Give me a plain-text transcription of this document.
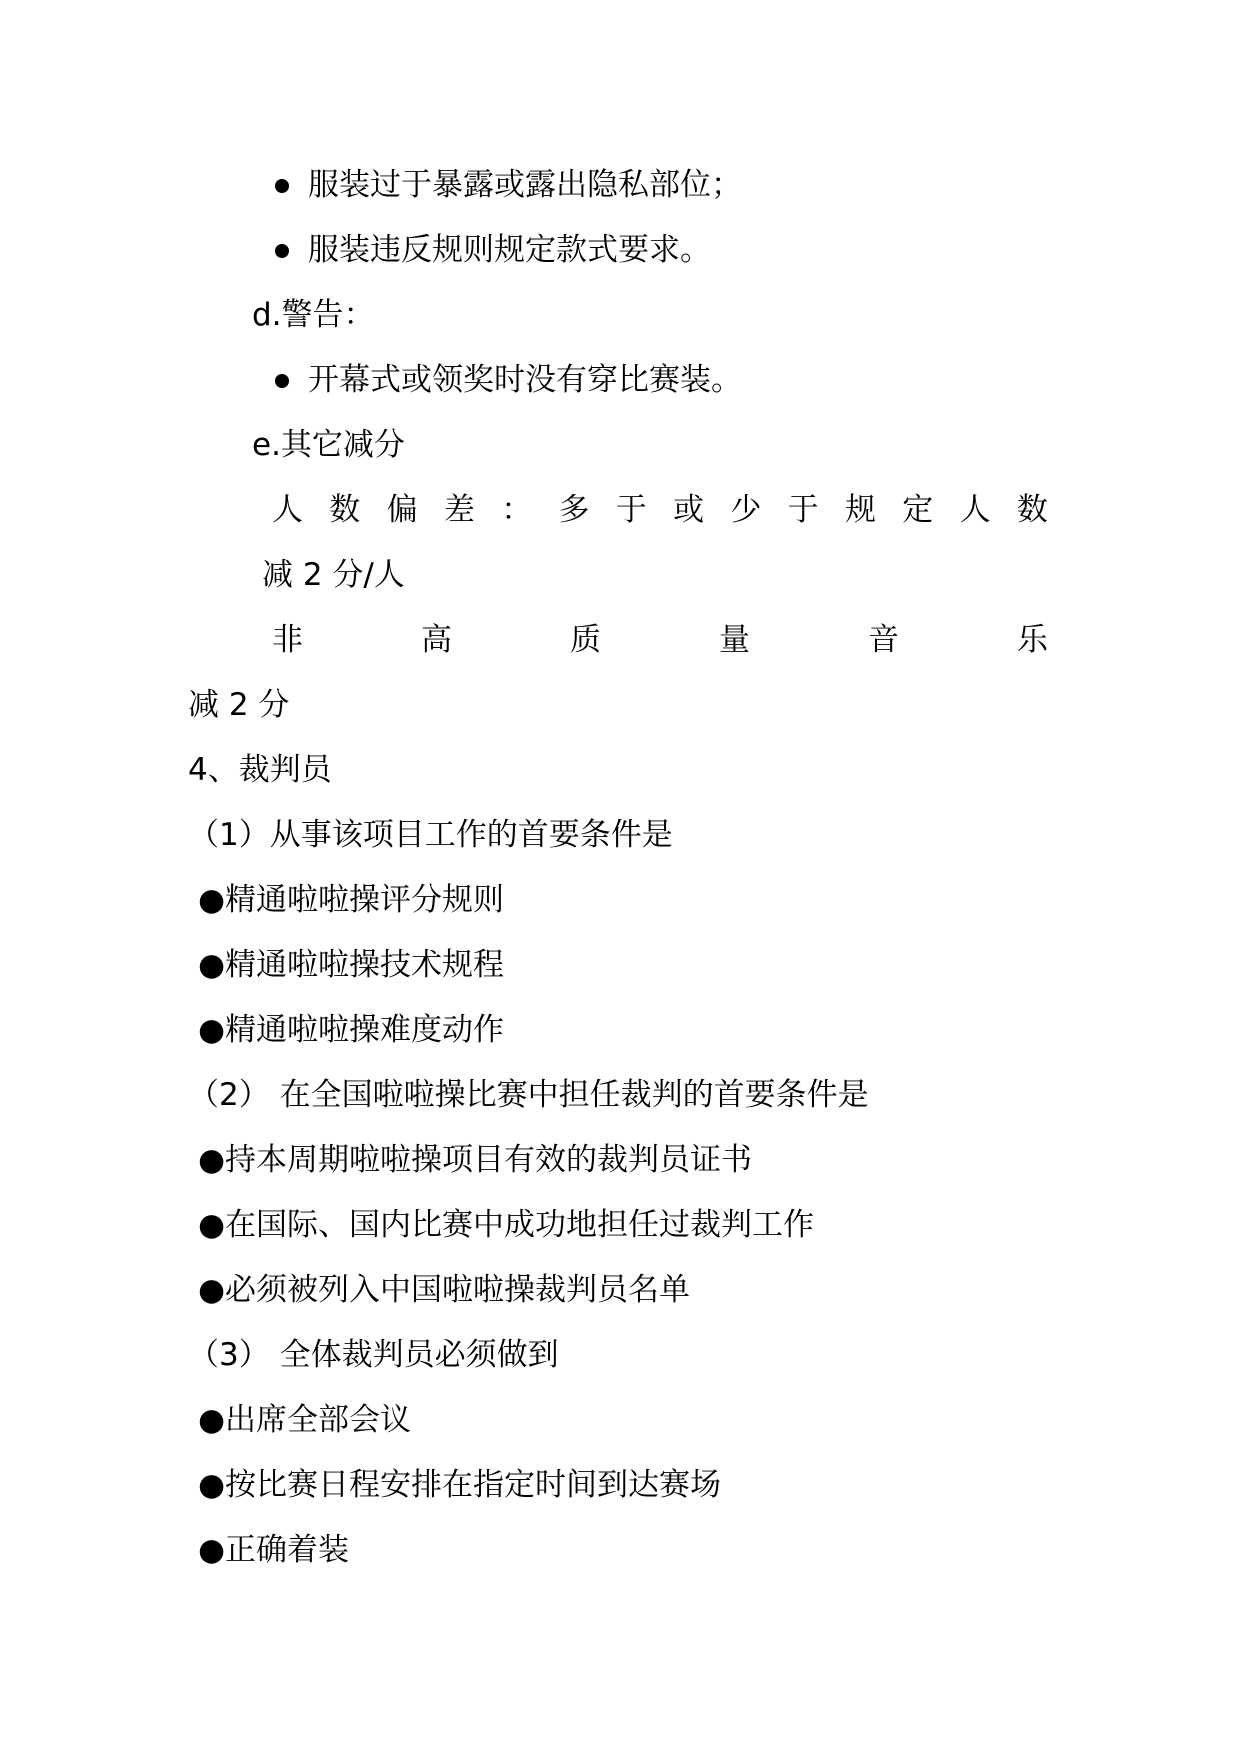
服装过于暴露或露出隐私部位；
服装违反规则规定款式要求。
d.警告：
开幕式或领奖时没有穿比赛装。
e.其它减分
人 数 偏 差 ： 多 于 或 少 于 规 定 人 数
减 2 分/人
非	高	质	量	音	乐
减 2 分
4、裁判员
（1）从事该项目工作的首要条件是
●精通啦啦操评分规则
●精通啦啦操技术规程
●精通啦啦操难度动作
（2） 在全国啦啦操比赛中担任裁判的首要条件是
●持本周期啦啦操项目有效的裁判员证书
●在国际、国内比赛中成功地担任过裁判工作
●必须被列入中国啦啦操裁判员名单
（3） 全体裁判员必须做到
●出席全部会议
●按比赛日程安排在指定时间到达赛场
●正确着装
